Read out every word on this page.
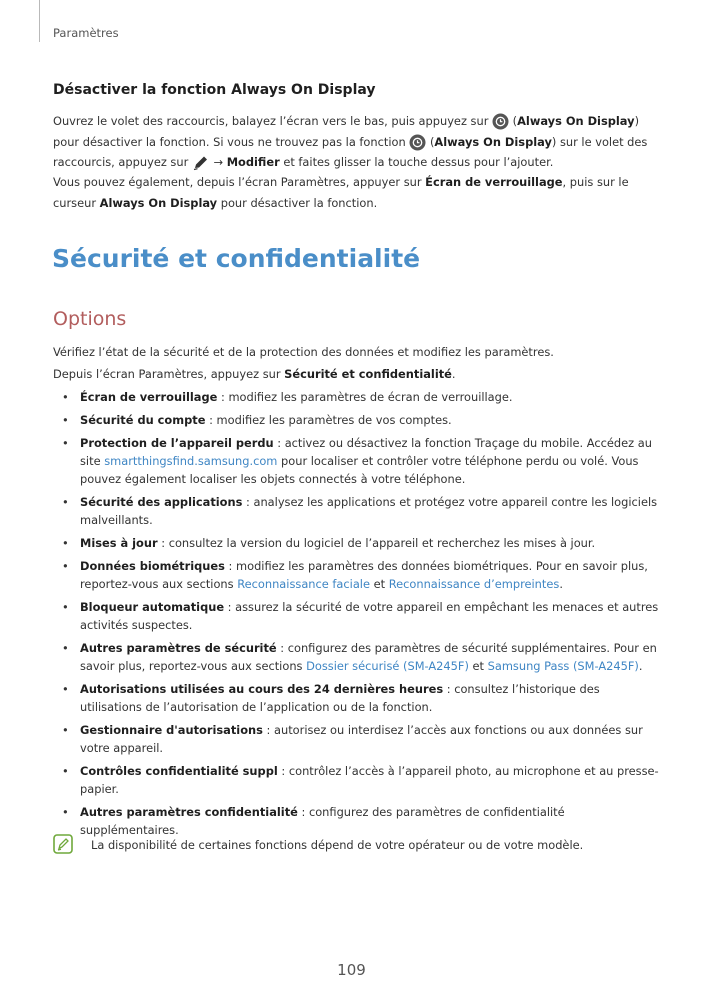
Paramètres
Désactiver la fonction Always On Display
Ouvrez le volet des raccourcis, balayez l’écran vers le bas, puis appuyez sur  (Always On Display) pour désactiver la fonction. Si vous ne trouvez pas la fonction  (Always On Display) sur le volet des raccourcis, appuyez sur → Modifier et faites glisser la touche dessus pour l’ajouter.
Vous pouvez également, depuis l’écran Paramètres, appuyer sur Écran de verrouillage, puis sur le curseur Always On Display pour désactiver la fonction.
Sécurité et confidentialité
Options
Vérifiez l’état de la sécurité et de la protection des données et modifiez les paramètres.
Depuis l’écran Paramètres, appuyez sur Sécurité et confidentialité.
• Écran de verrouillage : modifiez les paramètres de écran de verrouillage.
• Sécurité du compte : modifiez les paramètres de vos comptes.
• Protection de l’appareil perdu : activez ou désactivez la fonction Traçage du mobile. Accédez au site smartthingsfind.samsung.com pour localiser et contrôler votre téléphone perdu ou volé. Vous pouvez également localiser les objets connectés à votre téléphone.
• Sécurité des applications : analysez les applications et protégez votre appareil contre les logiciels malveillants.
• Mises à jour : consultez la version du logiciel de l’appareil et recherchez les mises à jour.
• Données biométriques : modifiez les paramètres des données biométriques. Pour en savoir plus, reportez-vous aux sections Reconnaissance faciale et Reconnaissance d’empreintes.
• Bloqueur automatique : assurez la sécurité de votre appareil en empêchant les menaces et autres activités suspectes.
• Autres paramètres de sécurité : configurez des paramètres de sécurité supplémentaires. Pour en savoir plus, reportez-vous aux sections Dossier sécurisé (SM-A245F) et Samsung Pass (SM-A245F).
• Autorisations utilisées au cours des 24 dernières heures : consultez l’historique des utilisations de l’autorisation de l’application ou de la fonction.
• Gestionnaire d'autorisations : autorisez ou interdisez l’accès aux fonctions ou aux données sur votre appareil.
• Contrôles confidentialité suppl : contrôlez l’accès à l’appareil photo, au microphone et au presse-papier.
• Autres paramètres confidentialité : configurez des paramètres de confidentialité supplémentaires.
La disponibilité de certaines fonctions dépend de votre opérateur ou de votre modèle.
109
